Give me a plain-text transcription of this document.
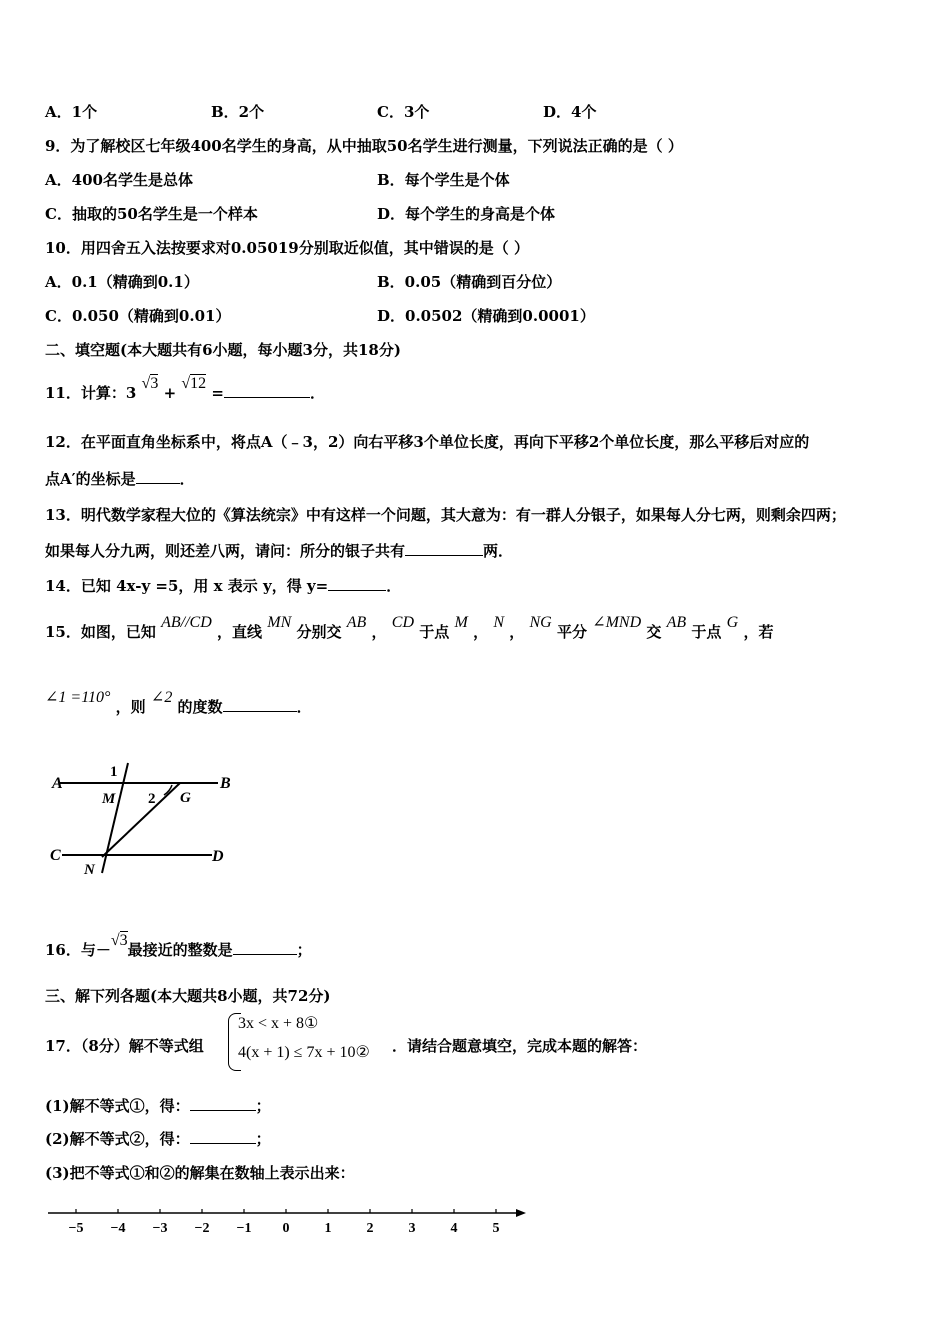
A．1个	B．2个	C．3个	D．4个
9．为了解校区七年级400名学生的身高，从中抽取50名学生进行测量，下列说法正确的是（ ）
A．400名学生是总体	B．每个学生是个体
C．抽取的50名学生是一个样本	D．每个学生的身高是个体
10．用四舍五入法按要求对0.05019分别取近似值，其中错误的是（ ）
A．0.1（精确到0.1）	B．0.05（精确到百分位）
C．0.050（精确到0.01）	D．0.0502（精确到0.0001）
二、填空题(本大题共有6小题，每小题3分，共18分)
11．计算：3 √3 + √12 =	．
12．在平面直角坐标系中，将点A（﹣3，2）向右平移3个单位长度，再向下平移2个单位长度，那么平移后对应的
点A′的坐标是	．
13．明代数学家程大位的《算法统宗》中有这样一个问题，其大意为：有一群人分银子，如果每人分七两，则剩余四两；
如果每人分九两，则还差八两，请问：所分的银子共有	两．
14．已知 4x-y =5，用 x 表示 y，得 y=	．
15．如图，已知 AB//CD ，直线 MN 分别交 AB ， CD 于点 M ， N ， NG 平分 ∠MND 交 AB 于点 G ，若
∠1 =110° ，则 ∠2 的度数	．
A	B
C	D
M
N
G
1
2
16．与－√3最接近的整数是	；
三、解下列各题(本大题共8小题，共72分)
17．（8分）解不等式组
3x < x + 8①
4(x + 1) ≤ 7x + 10② ．请结合题意填空，完成本题的解答：
(1)解不等式①，得：	；
(2)解不等式②，得：	；
(3)把不等式①和②的解集在数轴上表示出来：
−5 −4 −3 −2 −1 0	1	2	3	4	5
